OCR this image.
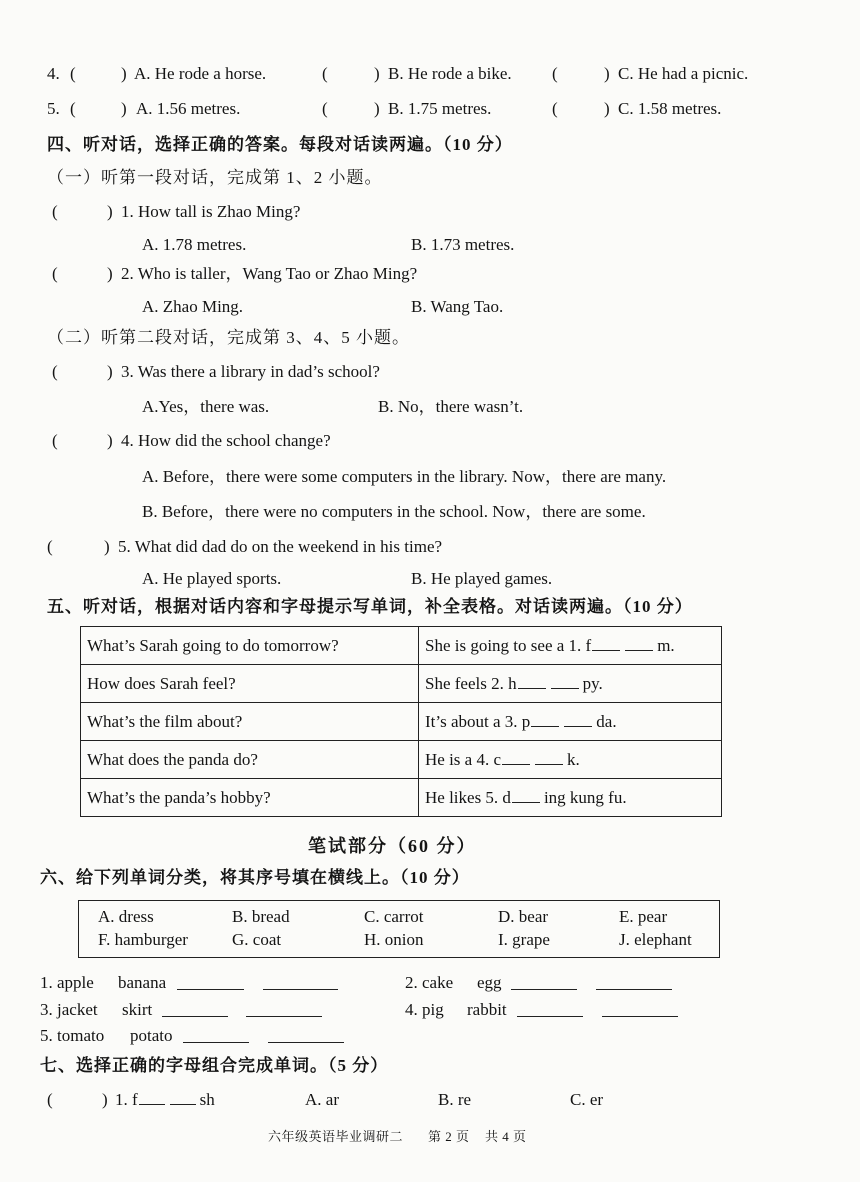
4. (	) A. He rode a horse.	(	) B. He rode a bike. (	) C. He had a picnic.
5. (	) A. 1.56 metres.	(	) B. 1.75 metres.	(	) C. 1.58 metres.
四、听对话，选择正确的答案。每段对话读两遍。（10 分）
（一）听第一段对话，完成第 1、2 小题。
(	) 1. How tall is Zhao Ming?
A. 1.78 metres.	B. 1.73 metres.
(	) 2. Who is taller，Wang Tao or Zhao Ming?
A. Zhao Ming.	B. Wang Tao.
（二）听第二段对话，完成第 3、4、5 小题。
(	) 3. Was there a library in dad’s school?
A.Yes，there was.	B. No，there wasn’t.
(	) 4. How did the school change?
A. Before，there were some computers in the library. Now，there are many.
B. Before，there were no computers in the school. Now，there are some.
(	) 5. What did dad do on the weekend in his time?
A. He played sports.	B. He played games.
五、听对话，根据对话内容和字母提示写单词，补全表格。对话读两遍。（10 分）
What’s Sarah going to do tomorrow?	She is going to see a 1. f m.
How does Sarah feel?	She feels 2. h py.
What’s the film about?	It’s about a 3. p da.
What does the panda do?	He is a 4. c k.
What’s the panda’s hobby?	He likes 5. d ing kung fu.
笔试部分（60 分）
六、给下列单词分类，将其序号填在横线上。（10 分）
A. dress	B. bread	C. carrot	D. bear	E. pear
F. hamburger	G. coat	H. onion	I. grape	J. elephant
1. apple banana	2. cake egg
3. jacket skirt	4. pig rabbit
5. tomato potato
七、选择正确的字母组合完成单词。（5 分）
(	) 1. f	sh	A. ar	B. re	C. er
六年级英语毕业调研二 第 2 页 共 4 页
